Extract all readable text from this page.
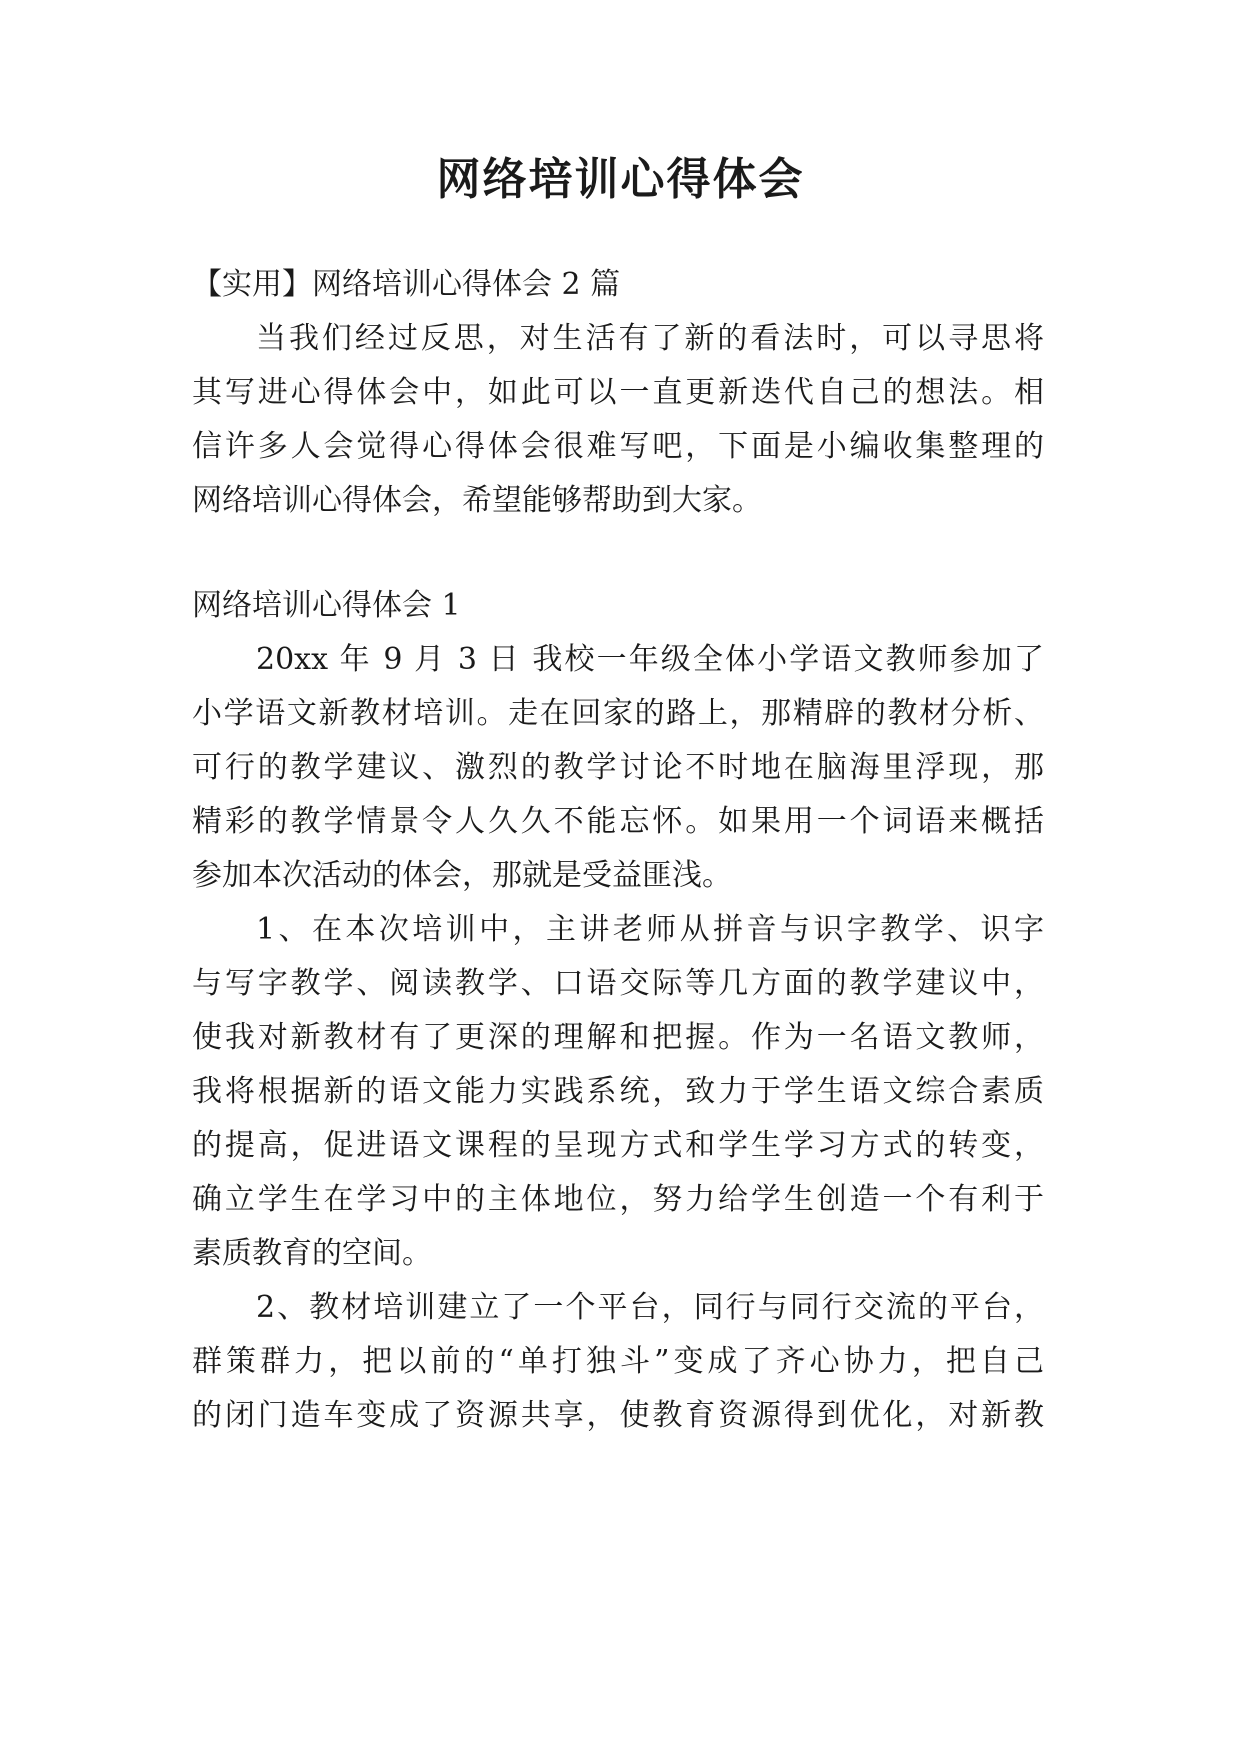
网络培训心得体会
【实用】网络培训心得体会 2 篇
当我们经过反思，对生活有了新的看法时，可以寻思将
其写进心得体会中，如此可以一直更新迭代自己的想法。相
信许多人会觉得心得体会很难写吧，下面是小编收集整理的
网络培训心得体会，希望能够帮助到大家。
网络培训心得体会 1
20xx 年 9 月 3 日 我校一年级全体小学语文教师参加了
小学语文新教材培训。走在回家的路上，那精辟的教材分析、
可行的教学建议、激烈的教学讨论不时地在脑海里浮现，那
精彩的教学情景令人久久不能忘怀。如果用一个词语来概括
参加本次活动的体会，那就是受益匪浅。
1、在本次培训中，主讲老师从拼音与识字教学、识字
与写字教学、阅读教学、口语交际等几方面的教学建议中，
使我对新教材有了更深的理解和把握。作为一名语文教师，
我将根据新的语文能力实践系统，致力于学生语文综合素质
的提高，促进语文课程的呈现方式和学生学习方式的转变，
确立学生在学习中的主体地位，努力给学生创造一个有利于
素质教育的空间。
2、教材培训建立了一个平台，同行与同行交流的平台，
群策群力，把以前的“单打独斗”变成了齐心协力，把自己
的闭门造车变成了资源共享，使教育资源得到优化，对新教
